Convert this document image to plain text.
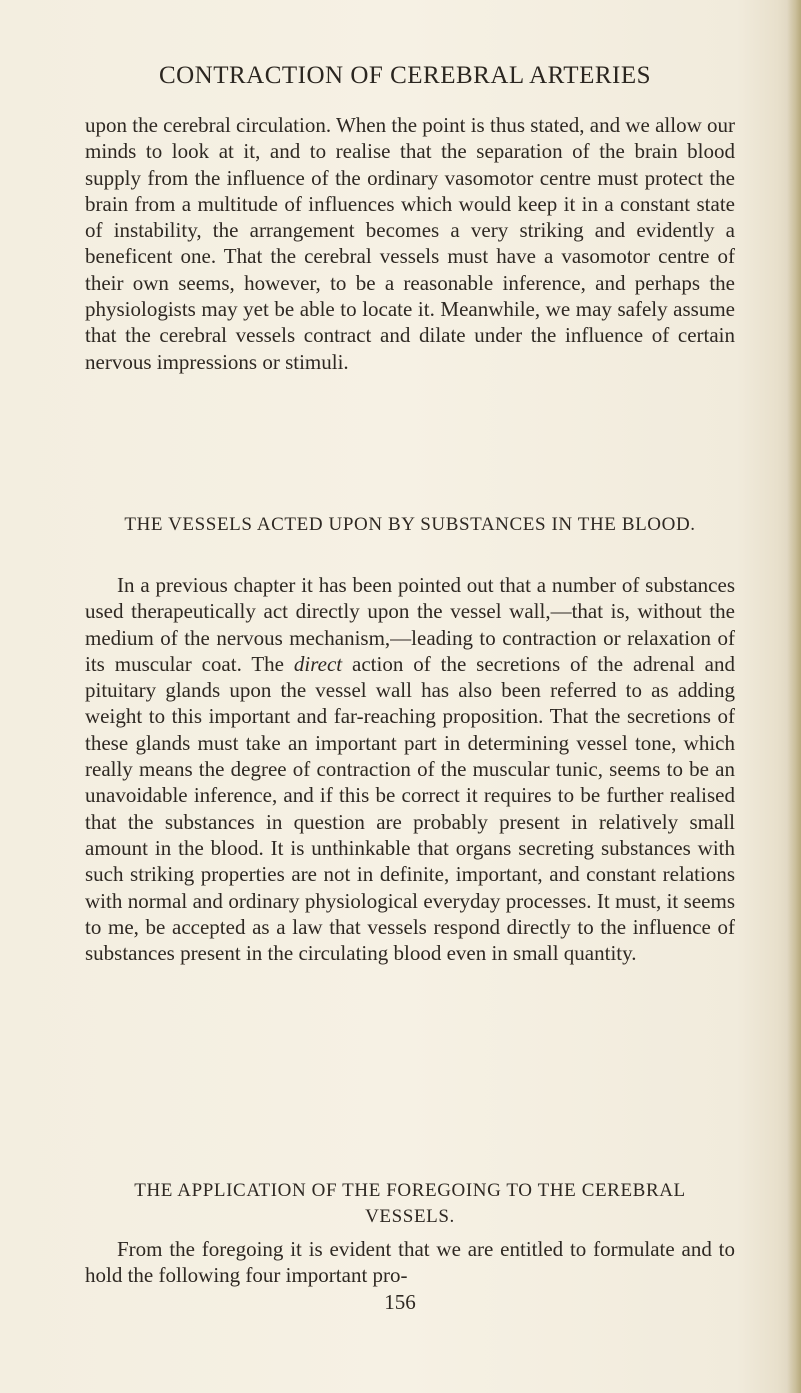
CONTRACTION OF CEREBRAL ARTERIES
upon the cerebral circulation. When the point is thus stated, and we allow our minds to look at it, and to realise that the separation of the brain blood supply from the influence of the ordinary vasomotor centre must protect the brain from a multitude of influences which would keep it in a constant state of instability, the arrangement becomes a very striking and evidently a beneficent one. That the cerebral vessels must have a vasomotor centre of their own seems, however, to be a reasonable inference, and perhaps the physiologists may yet be able to locate it. Meanwhile, we may safely assume that the cerebral vessels contract and dilate under the influence of certain nervous impressions or stimuli.
THE VESSELS ACTED UPON BY SUBSTANCES IN THE BLOOD.
In a previous chapter it has been pointed out that a number of substances used therapeutically act directly upon the vessel wall,—that is, without the medium of the nervous mechanism,—leading to contraction or relaxation of its muscular coat. The direct action of the secretions of the adrenal and pituitary glands upon the vessel wall has also been referred to as adding weight to this important and far-reaching proposition. That the secretions of these glands must take an important part in determining vessel tone, which really means the degree of contraction of the muscular tunic, seems to be an unavoidable inference, and if this be correct it requires to be further realised that the substances in question are probably present in relatively small amount in the blood. It is unthinkable that organs secreting substances with such striking properties are not in definite, important, and constant relations with normal and ordinary physiological everyday processes. It must, it seems to me, be accepted as a law that vessels respond directly to the influence of substances present in the circulating blood even in small quantity.
THE APPLICATION OF THE FOREGOING TO THE CEREBRAL VESSELS.
From the foregoing it is evident that we are entitled to formulate and to hold the following four important pro-
156
